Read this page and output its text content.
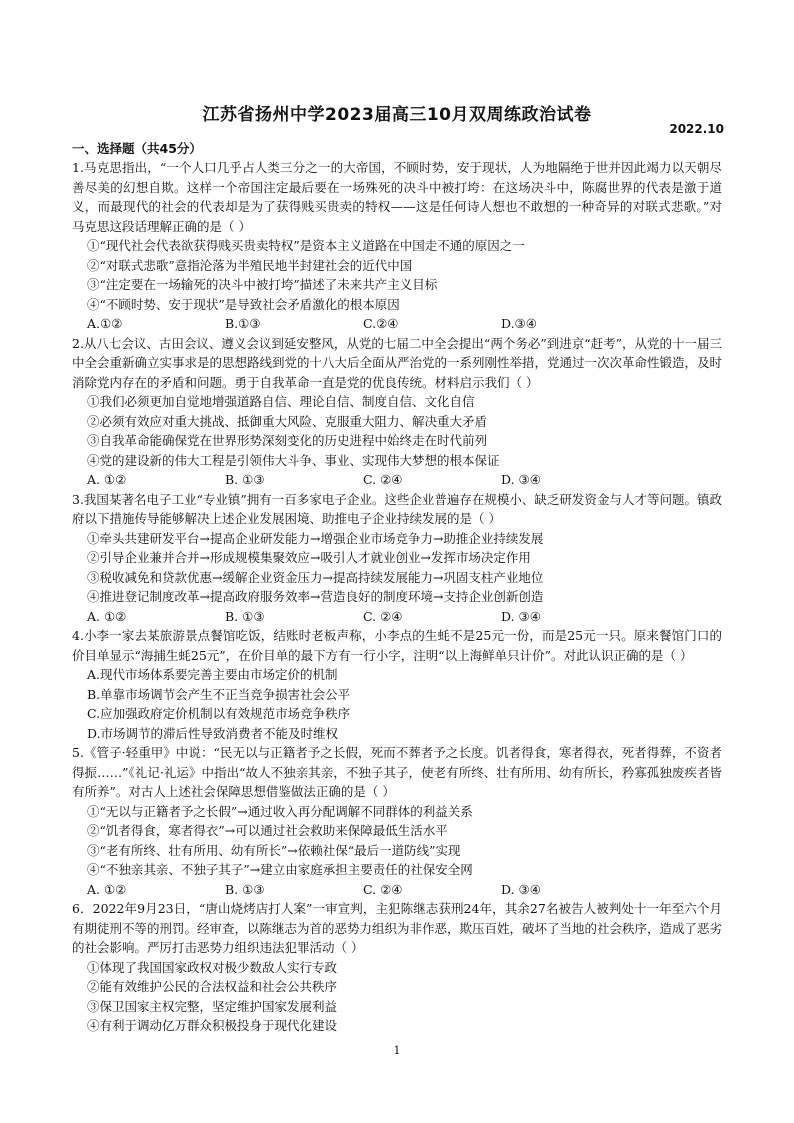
江苏省扬州中学2023届高三10月双周练政治试卷
2022.10
一、选择题（共45分）

1.马克思指出，“一个人口几乎占人类三分之一的大帝国，不顾时势，安于现状，人为地隔绝于世并因此竭力以天朝尽善尽美的幻想自欺。这样一个帝国注定最后要在一场殊死的决斗中被打垮：在这场决斗中，陈腐世界的代表是激于道义，而最现代的社会的代表却是为了获得贱买贵卖的特权——这是任何诗人想也不敢想的一种奇异的对联式悲歌。”对马克思这段话理解正确的是（ ）

①“现代社会代表欲获得贱买贵卖特权”是资本主义道路在中国走不通的原因之一

②“对联式悲歌”意指沦落为半殖民地半封建社会的近代中国

③“注定要在一场输死的决斗中被打垮”描述了未来共产主义目标

④“不顾时势、安于现状”是导致社会矛盾激化的根本原因

A.①②	B.①③	C.②④	D.③④

2.从八七会议、古田会议、遵义会议到延安整风，从党的七届二中全会提出“两个务必”到进京“赶考”，从党的十一届三中全会重新确立实事求是的思想路线到党的十八大后全面从严治党的一系列刚性举措，党通过一次次革命性锻造，及时消除党内存在的矛盾和问题。勇于自我革命一直是党的优良传统。材料启示我们（ ）

①我们必须更加自觉地增强道路自信、理论自信、制度自信、文化自信

②必须有效应对重大挑战、抵御重大风险、克服重大阻力、解决重大矛盾

③自我革命能确保党在世界形势深刻变化的历史进程中始终走在时代前列

④党的建设新的伟大工程是引领伟大斗争、事业、实现伟大梦想的根本保证

A. ①②	B. ①③	C. ②④	D. ③④

3.我国某著名电子工业“专业镇”拥有一百多家电子企业。这些企业普遍存在规模小、缺乏研发资金与人才等问题。镇政府以下措施传导能够解决上述企业发展困境、助推电子企业持续发展的是（ ）

①牵头共建研发平台→提高企业研发能力→增强企业市场竞争力→助推企业持续发展

②引导企业兼并合并→形成规模集聚效应→吸引人才就业创业→发挥市场决定作用

③税收减免和贷款优惠→缓解企业资金压力→提高持续发展能力→巩固支柱产业地位

④推进登记制度改革→提高政府服务效率→营造良好的制度环境→支持企业创新创造

A. ①②	B. ①③	C. ②④	D. ③④

4.小李一家去某旅游景点餐馆吃饭，结账时老板声称，小李点的生蚝不是25元一份，而是25元一只。原来餐馆门口的价目单显示“海捕生蚝25元”，在价目单的最下方有一行小字，注明“以上海鲜单只计价”。对此认识正确的是（ ）

A.现代市场体系要完善主要由市场定价的机制

B.单靠市场调节会产生不正当竞争损害社会公平

C.应加强政府定价机制以有效规范市场竞争秩序

D.市场调节的滞后性导致消费者不能及时维权

5.《管子·轻重甲》中说：“民无以与正籍者予之长假，死而不葬者予之长度。饥者得食，寒者得衣，死者得葬，不资者得振……”《礼记·礼运》中指出“故人不独亲其亲，不独子其子，使老有所终、壮有所用、幼有所长，矜寡孤独废疾者皆有所养”。对古人上述社会保障思想借鉴做法正确的是（ ）

①“无以与正籍者予之长假”→通过收入再分配调解不同群体的利益关系

②“饥者得食，寒者得衣”→可以通过社会救助来保障最低生活水平

③“老有所终、壮有所用、幼有所长”→依赖社保“最后一道防线”实现

④“不独亲其亲、不独子其子”→建立由家庭承担主要责任的社保安全网

A. ①②	B. ①③	C. ②④	D. ③④

6．2022年9月23日，“唐山烧烤店打人案”一审宣判，主犯陈继志获刑24年，其余27名被告人被判处十一年至六个月有期徒刑不等的刑罚。经审查，以陈继志为首的恶势力组织为非作恶，欺压百姓，破坏了当地的社会秩序，造成了恶劣的社会影响。严厉打击恶势力组织违法犯罪活动（ ）

①体现了我国国家政权对极少数敌人实行专政

②能有效维护公民的合法权益和社会公共秩序

③保卫国家主权完整，坚定维护国家发展利益

④有利于调动亿万群众积极投身于现代化建设

1
